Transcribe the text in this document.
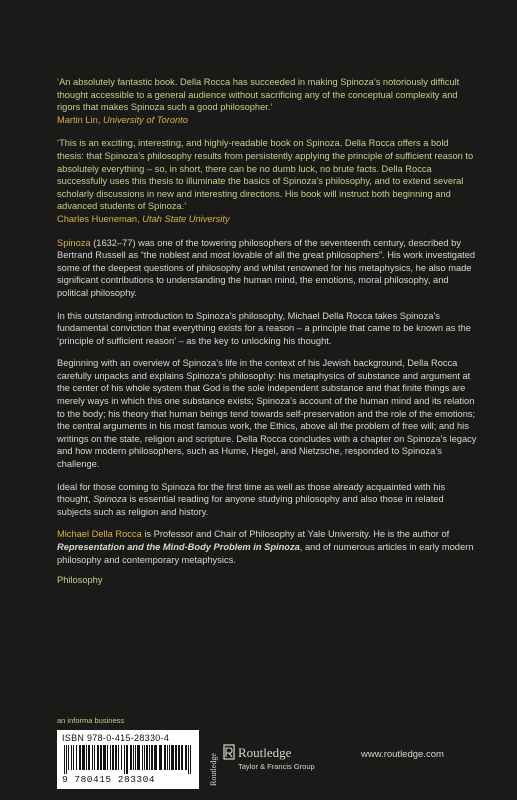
‘An absolutely fantastic book. Della Rocca has succeeded in making Spinoza’s notoriously difficult thought accessible to a general audience without sacrificing any of the conceptual complexity and rigors that makes Spinoza such a good philosopher.’

Martin Lin, University of Toronto

‘This is an exciting, interesting, and highly-readable book on Spinoza. Della Rocca offers a bold thesis: that Spinoza’s philosophy results from persistently applying the principle of sufficient reason to absolutely everything – so, in short, there can be no dumb luck, no brute facts. Della Rocca successfully uses this thesis to illuminate the basics of Spinoza’s philosophy, and to extend several scholarly discussions in new and interesting directions. His book will instruct both beginning and advanced students of Spinoza.’

Charles Hueneman, Utah State University

Spinoza (1632–77) was one of the towering philosophers of the seventeenth century, described by Bertrand Russell as “the noblest and most lovable of all the great philosophers”. His work investigated some of the deepest questions of philosophy and whilst renowned for his metaphysics, he also made significant contributions to understanding the human mind, the emotions, moral philosophy, and political philosophy.

In this outstanding introduction to Spinoza’s philosophy, Michael Della Rocca takes Spinoza’s fundamental conviction that everything exists for a reason – a principle that came to be known as the ‘principle of sufficient reason’ – as the key to unlocking his thought.

Beginning with an overview of Spinoza’s life in the context of his Jewish background, Della Rocca carefully unpacks and explains Spinoza’s philosophy: his metaphysics of substance and argument at the center of his whole system that God is the sole independent substance and that finite things are merely ways in which this one substance exists; Spinoza’s account of the human mind and its relation to the body; his theory that human beings tend towards self-preservation and the role of the emotions; the central arguments in his most famous work, the Ethics, above all the problem of free will; and his writings on the state, religion and scripture. Della Rocca concludes with a chapter on Spinoza’s legacy and how modern philosophers, such as Hume, Hegel, and Nietzsche, responded to Spinoza’s challenge.

Ideal for those coming to Spinoza for the first time as well as those already acquainted with his thought, Spinoza is essential reading for anyone studying philosophy and also those in related subjects such as religion and history.

Michael Della Rocca is Professor and Chair of Philosophy at Yale University. He is the author of Representation and the Mind-Body Problem in Spinoza, and of numerous articles in early modern philosophy and contemporary metaphysics.

Philosophy

an informa business
ISBN 978-0-415-28330-4
9 780415 283304	Routledge
Routledge
Taylor & Francis Group
www.routledge.com
